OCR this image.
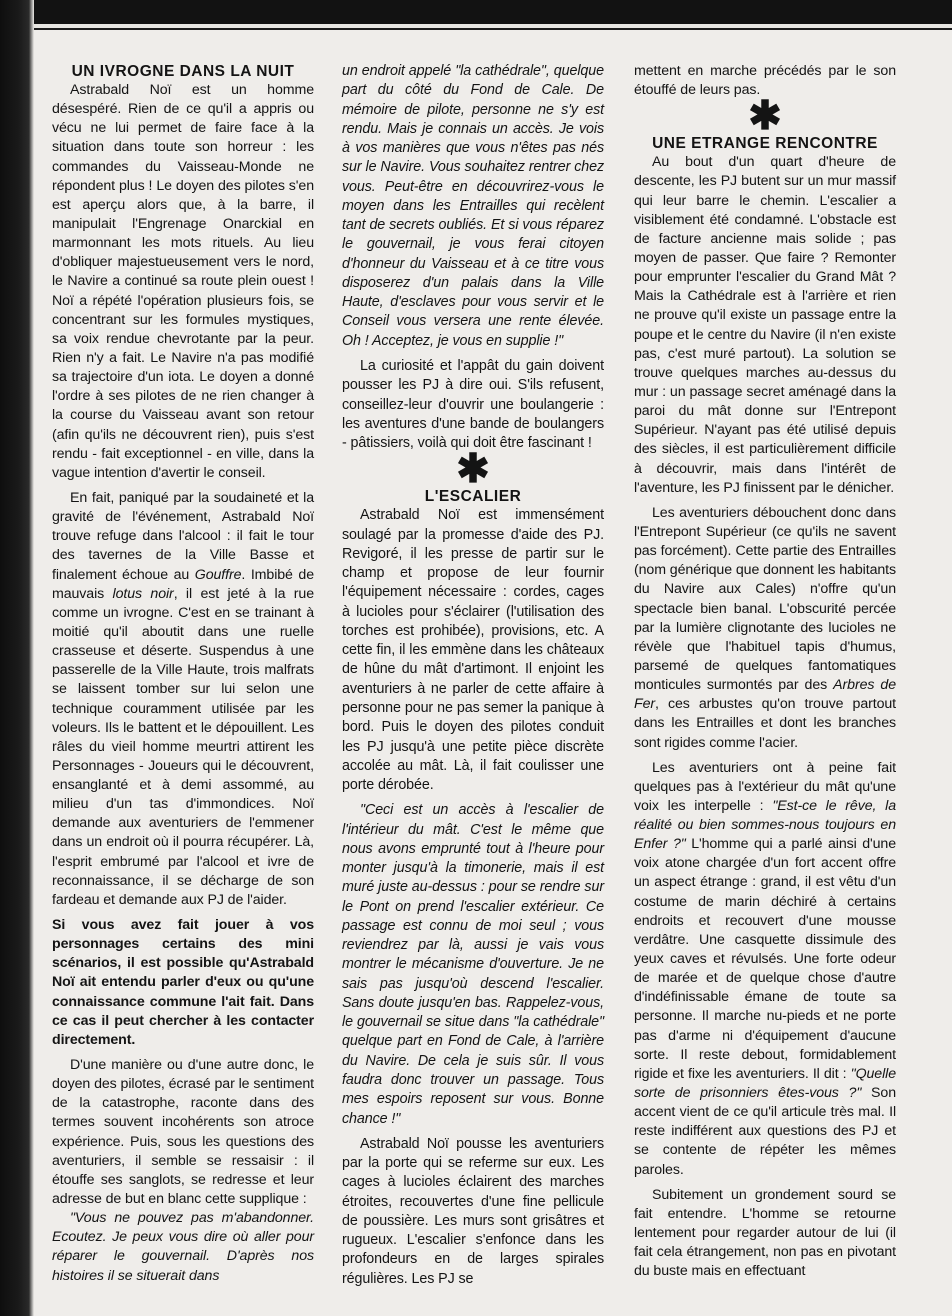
UN IVROGNE DANS LA NUIT

Astrabald Noï est un homme désespéré. Rien de ce qu'il a appris ou vécu ne lui permet de faire face à la situation dans toute son horreur : les commandes du Vaisseau-Monde ne répondent plus ! Le doyen des pilotes s'en est aperçu alors que, à la barre, il manipulait l'Engrenage Onarckial en marmonnant les mots rituels. Au lieu d'obliquer majestueusement vers le nord, le Navire a continué sa route plein ouest ! Noï a répété l'opération plusieurs fois, se concentrant sur les formules mystiques, sa voix rendue chevrotante par la peur. Rien n'y a fait. Le Navire n'a pas modifié sa trajectoire d'un iota. Le doyen a donné l'ordre à ses pilotes de ne rien changer à la course du Vaisseau avant son retour (afin qu'ils ne découvrent rien), puis s'est rendu - fait exceptionnel - en ville, dans la vague intention d'avertir le conseil.

En fait, paniqué par la soudaineté et la gravité de l'événement, Astrabald Noï trouve refuge dans l'alcool : il fait le tour des tavernes de la Ville Basse et finalement échoue au Gouffre. Imbibé de mauvais lotus noir, il est jeté à la rue comme un ivrogne. C'est en se trainant à moitié qu'il aboutit dans une ruelle crasseuse et déserte. Suspendus à une passerelle de la Ville Haute, trois malfrats se laissent tomber sur lui selon une technique couramment utilisée par les voleurs. Ils le battent et le dépouillent. Les râles du vieil homme meurtri attirent les Personnages - Joueurs qui le découvrent, ensanglanté et à demi assommé, au milieu d'un tas d'immondices. Noï demande aux aventuriers de l'emmener dans un endroit où il pourra récupérer. Là, l'esprit embrumé par l'alcool et ivre de reconnaissance, il se décharge de son fardeau et demande aux PJ de l'aider.

Si vous avez fait jouer à vos personnages certains des mini scénarios, il est possible qu'Astrabald Noï ait entendu parler d'eux ou qu'une connaissance commune l'ait fait. Dans ce cas il peut chercher à les contacter directement.

D'une manière ou d'une autre donc, le doyen des pilotes, écrasé par le sentiment de la catastrophe, raconte dans des termes souvent incohérents son atroce expérience. Puis, sous les questions des aventuriers, il semble se ressaisir : il étouffe ses sanglots, se redresse et leur adresse de but en blanc cette supplique :

"Vous ne pouvez pas m'abandonner. Ecoutez. Je peux vous dire où aller pour réparer le gouvernail. D'après nos histoires il se situerait dans

un endroit appelé "la cathédrale", quelque part du côté du Fond de Cale. De mémoire de pilote, personne ne s'y est rendu. Mais je connais un accès. Je vois à vos manières que vous n'êtes pas nés sur le Navire. Vous souhaitez rentrer chez vous. Peut-être en découvrirez-vous le moyen dans les Entrailles qui recèlent tant de secrets oubliés. Et si vous réparez le gouvernail, je vous ferai citoyen d'honneur du Vaisseau et à ce titre vous disposerez d'un palais dans la Ville Haute, d'esclaves pour vous servir et le Conseil vous versera une rente élevée. Oh ! Acceptez, je vous en supplie !"

La curiosité et l'appât du gain doivent pousser les PJ à dire oui. S'ils refusent, conseillez-leur d'ouvrir une boulangerie : les aventures d'une bande de boulangers - pâtissiers, voilà qui doit être fascinant !

✱
L'ESCALIER

Astrabald Noï est immensément soulagé par la promesse d'aide des PJ. Revigoré, il les presse de partir sur le champ et propose de leur fournir l'équipement nécessaire : cordes, cages à lucioles pour s'éclairer (l'utilisation des torches est prohibée), provisions, etc. A cette fin, il les emmène dans les châteaux de hûne du mât d'artimont. Il enjoint les aventuriers à ne parler de cette affaire à personne pour ne pas semer la panique à bord. Puis le doyen des pilotes conduit les PJ jusqu'à une petite pièce discrète accolée au mât. Là, il fait coulisser une porte dérobée.

"Ceci est un accès à l'escalier de l'intérieur du mât. C'est le même que nous avons emprunté tout à l'heure pour monter jusqu'à la timonerie, mais il est muré juste au-dessus : pour se rendre sur le Pont on prend l'escalier extérieur. Ce passage est connu de moi seul ; vous reviendrez par là, aussi je vais vous montrer le mécanisme d'ouverture. Je ne sais pas jusqu'où descend l'escalier. Sans doute jusqu'en bas. Rappelez-vous, le gouvernail se situe dans "la cathédrale" quelque part en Fond de Cale, à l'arrière du Navire. De cela je suis sûr. Il vous faudra donc trouver un passage. Tous mes espoirs reposent sur vous. Bonne chance !"

Astrabald Noï pousse les aventuriers par la porte qui se referme sur eux. Les cages à lucioles éclairent des marches étroites, recouvertes d'une fine pellicule de poussière. Les murs sont grisâtres et rugueux. L'escalier s'enfonce dans les profondeurs en de larges spirales régulières. Les PJ se

mettent en marche précédés par le son étouffé de leurs pas.

✱
UNE ETRANGE RENCONTRE

Au bout d'un quart d'heure de descente, les PJ butent sur un mur massif qui leur barre le chemin. L'escalier a visiblement été condamné. L'obstacle est de facture ancienne mais solide ; pas moyen de passer. Que faire ? Remonter pour emprunter l'escalier du Grand Mât ? Mais la Cathédrale est à l'arrière et rien ne prouve qu'il existe un passage entre la poupe et le centre du Navire (il n'en existe pas, c'est muré partout). La solution se trouve quelques marches au-dessus du mur : un passage secret aménagé dans la paroi du mât donne sur l'Entrepont Supérieur. N'ayant pas été utilisé depuis des siècles, il est particulièrement difficile à découvrir, mais dans l'intérêt de l'aventure, les PJ finissent par le dénicher.

Les aventuriers débouchent donc dans l'Entrepont Supérieur (ce qu'ils ne savent pas forcément). Cette partie des Entrailles (nom générique que donnent les habitants du Navire aux Cales) n'offre qu'un spectacle bien banal. L'obscurité percée par la lumière clignotante des lucioles ne révèle que l'habituel tapis d'humus, parsemé de quelques fantomatiques monticules surmontés par des Arbres de Fer, ces arbustes qu'on trouve partout dans les Entrailles et dont les branches sont rigides comme l'acier.

Les aventuriers ont à peine fait quelques pas à l'extérieur du mât qu'une voix les interpelle : "Est-ce le rêve, la réalité ou bien sommes-nous toujours en Enfer ?" L'homme qui a parlé ainsi d'une voix atone chargée d'un fort accent offre un aspect étrange : grand, il est vêtu d'un costume de marin déchiré à certains endroits et recouvert d'une mousse verdâtre. Une casquette dissimule des yeux caves et révulsés. Une forte odeur de marée et de quelque chose d'autre d'indéfinissable émane de toute sa personne. Il marche nu-pieds et ne porte pas d'arme ni d'équipement d'aucune sorte. Il reste debout, formidablement rigide et fixe les aventuriers. Il dit : "Quelle sorte de prisonniers êtes-vous ?" Son accent vient de ce qu'il articule très mal. Il reste indifférent aux questions des PJ et se contente de répéter les mêmes paroles.

Subitement un grondement sourd se fait entendre. L'homme se retourne lentement pour regarder autour de lui (il fait cela étrangement, non pas en pivotant du buste mais en effectuant
